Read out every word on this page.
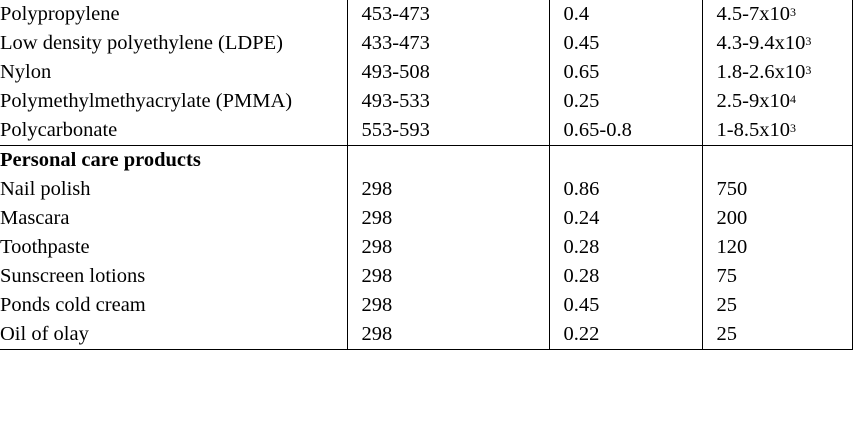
Polypropylene	453-473	0.4	$4.5-7x10^3$
Low density polyethylene (LDPE)	433-473	0.45	$4.3-9.4x10^3$
Nylon	493-508	0.65	$1.8-2.6x10^3$
Polymethylmethyacrylate (PMMA)	493-533	0.25	$2.5-9x10^4$
Polycarbonate	553-593	0.65-0.8	$1-8.5x10^3$
Personal care products			
Nail polish	298	0.86	750
Mascara	298	0.24	200
Toothpaste	298	0.28	120
Sunscreen lotions	298	0.28	75
Ponds cold cream	298	0.45	25
Oil of olay	298	0.22	25
